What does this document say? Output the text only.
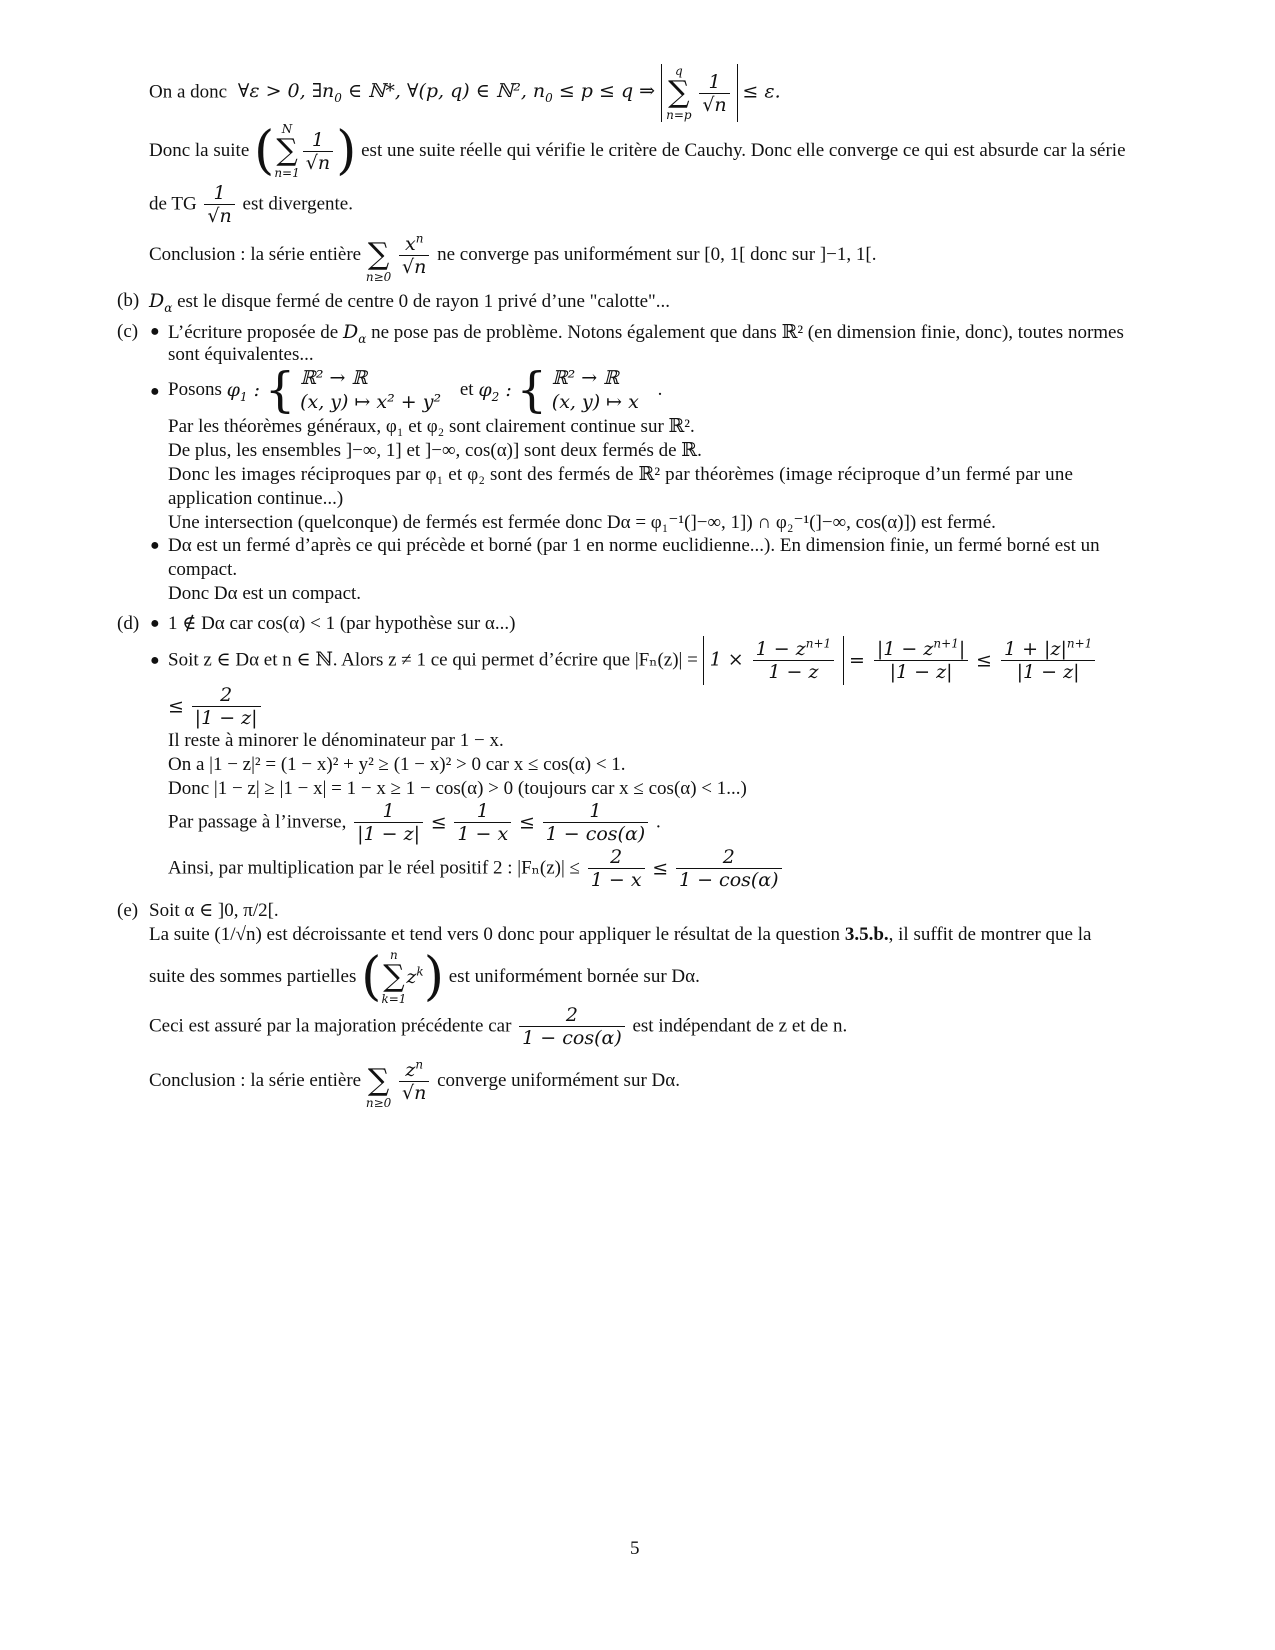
On a donc  ∀ε > 0, $\exists n_0$ ∈ ℕ*, ∀(p, q) ∈ ℕ², $n_0 \le p \le q$ ⇒
q
∑
n=p
$\frac{1}{√n} \le \varepsilon$.
Donc la suite ( N
∑
$n=1 \frac{1}{√n}$ ) est une suite réelle qui vérifie le critère de Cauchy. Donc elle converge ce qui est absurde car la série
de TG $\frac{1}{√n}$ est divergente.
Conclusion : la série entière
∑
n≥0
$\frac{x^n}{√n}$ ne converge pas uniformément sur [0, 1[ donc sur ]−1, 1[.
(b) $D_\alpha$ est le disque fermé de centre 0 de rayon 1 privé d’une "calotte"...
(c) ● L’écriture proposée de $D_\alpha$ ne pose pas de problème. Notons également que dans ℝ² (en dimension finie, donc), toutes normes
sont équivalentes...
● Posons $\varphi_1$ : { ℝ² → ℝ
(x, y) ↦ x² + y²
et $\varphi_2$ : { ℝ² → ℝ
(x, y) ↦ x
.
Par les théorèmes généraux, φ₁ et φ₂ sont clairement continue sur ℝ².
De plus, les ensembles ]−∞, 1] et ]−∞, cos(α)] sont deux fermés de ℝ.
Donc les images réciproques par φ₁ et φ₂ sont des fermés de ℝ² par théorèmes (image réciproque d’un fermé par une
application continue...)
Une intersection (quelconque) de fermés est fermée donc Dα = φ₁⁻¹(]−∞, 1]) ∩ φ₂⁻¹(]−∞, cos(α)]) est fermé.
● Dα est un fermé d’après ce qui précède et borné (par 1 en norme euclidienne...). En dimension finie, un fermé borné est un
compact.
Donc Dα est un compact.
(d) ● 1 ∉ Dα car cos(α) < 1 (par hypothèse sur α...)
● Soit z ∈ Dα et n ∈ ℕ. Alors z ≠ 1 ce qui permet d’écrire que $|F_n(z)| = 1 \times \frac{1 - z^{n+1}}{1 - z} = \frac{|1 - z^{n+1}|}{|1 - z|} \le \frac{1 + |z|^{n+1}}{|1 - z|}$
≤ $\frac{2}{|1 - z|}$
Il reste à minorer le dénominateur par 1 − x.
On a |1 − z|² = (1 − x)² + y² ≥ (1 − x)² > 0 car x ≤ cos(α) < 1.
Donc |1 − z| ≥ |1 − x| = 1 − x ≥ 1 − cos(α) > 0 (toujours car x ≤ cos(α) < 1...)
Par passage à l’inverse, $\frac{1}{|1 - z|} \le \frac{1}{1 - x} \le \frac{1}{1 - \cos(\alpha)}$ .
Ainsi, par multiplication par le réel positif 2 : $|F_n(z)| \le \frac{2}{1 - x} \le \frac{2}{1 - \cos(\alpha)}$
(e) Soit α ∈ ]0, π/2[.
La suite (1/√n) est décroissante et tend vers 0 donc pour appliquer le résultat de la question 3.5.b., il suffit de montrer que la
suite des sommes partielles ( n
∑
k=1
$z^k$) est uniformément bornée sur Dα.
Ceci est assuré par la majoration précédente car $\frac{2}{1 - \cos(\alpha)}$ est indépendant de z et de n.
Conclusion : la série entière
∑
n≥0
$\frac{z^n}{√n}$ converge uniformément sur Dα.
5
